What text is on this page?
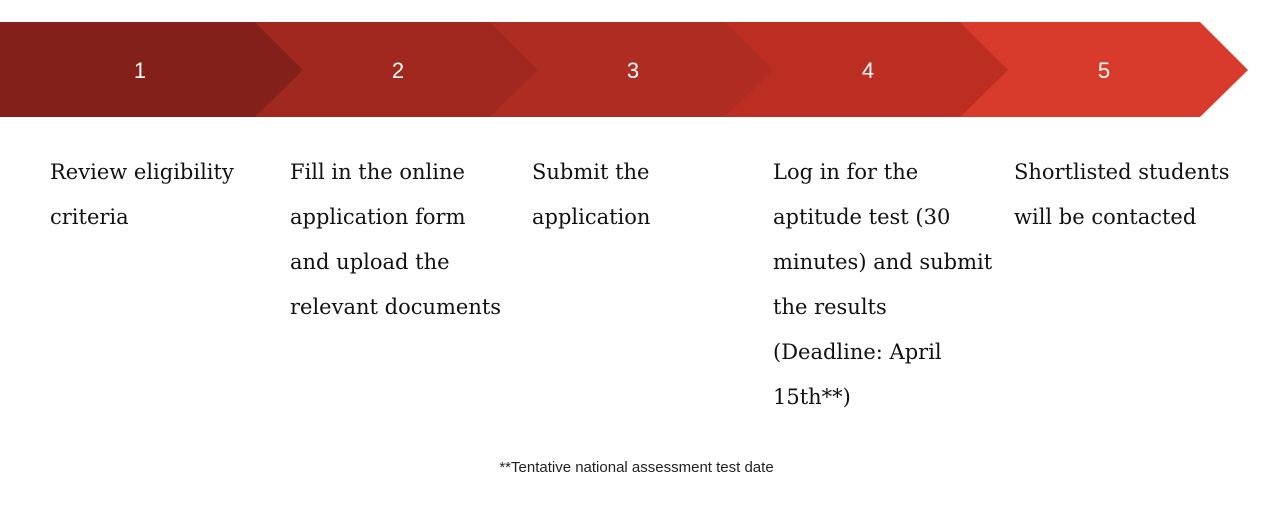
1	2	3	4	5

Review eligibility criteria

Fill in the online application form and upload the relevant documents

Submit the application

Log in for the aptitude test (30 minutes) and submit the results (Deadline: April 15th**)

Shortlisted students will be contacted

**Tentative national assessment test date
